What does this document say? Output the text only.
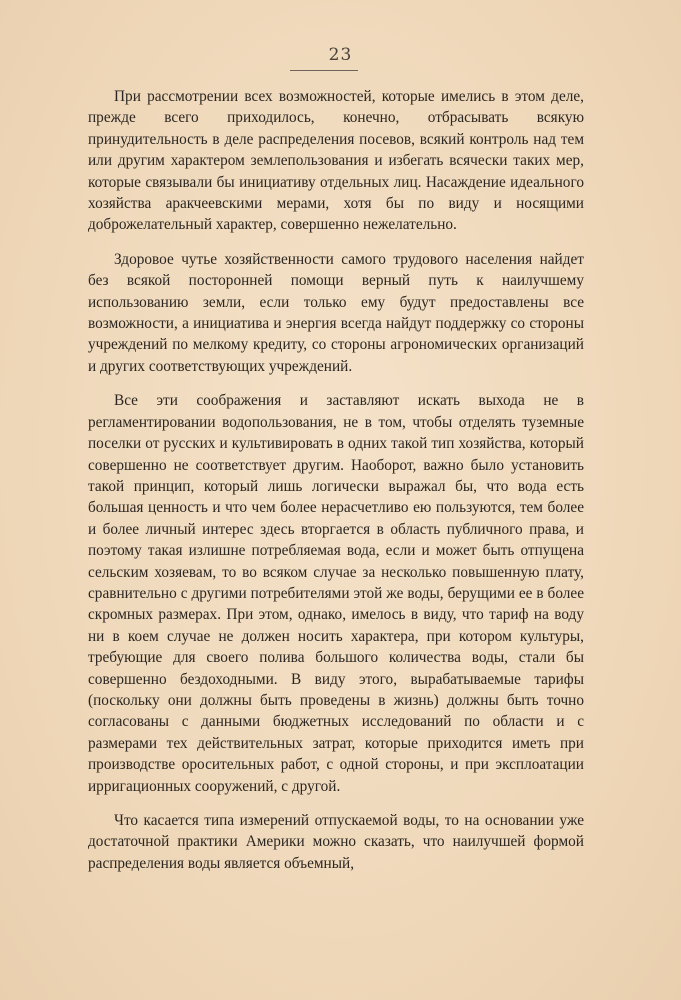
23

При рассмотрении всех возможностей, которые имелись в этом деле, прежде всего приходилось, конечно, отбрасывать всякую принудительность в деле распределения посевов, всякий контроль над тем или другим характером землепользования и избегать всячески таких мер, которые связывали бы инициативу отдельных лиц. Насаждение идеального хозяйства аракчеевскими мерами, хотя бы по виду и носящими доброжелательный характер, совершенно нежелательно.

Здоровое чутье хозяйственности самого трудового населения найдет без всякой посторонней помощи верный путь к наилучшему использованию земли, если только ему будут предоставлены все возможности, а инициатива и энергия всегда найдут поддержку со стороны учреждений по мелкому кредиту, со стороны агрономических организаций и других соответствующих учреждений.

Все эти соображения и заставляют искать выхода не в регламентировании водопользования, не в том, чтобы отделять туземные поселки от русских и культивировать в одних такой тип хозяйства, который совершенно не соответствует другим. Наоборот, важно было установить такой принцип, который лишь логически выражал бы, что вода есть большая ценность и что чем более нерасчетливо ею пользуются, тем более и более личный интерес здесь вторгается в область публичного права, и поэтому такая излишне потребляемая вода, если и может быть отпущена сельским хозяевам, то во всяком случае за несколько повышенную плату, сравнительно с другими потребителями этой же воды, берущими ее в более скромных размерах. При этом, однако, имелось в виду, что тариф на воду ни в коем случае не должен носить характера, при котором культуры, требующие для своего полива большого количества воды, стали бы совершенно бездоходными. В виду этого, вырабатываемые тарифы (поскольку они должны быть проведены в жизнь) должны быть точно согласованы с данными бюджетных исследований по области и с размерами тех действительных затрат, которые приходится иметь при производстве оросительных работ, с одной стороны, и при эксплоатации ирригационных сооружений, с другой.

Что касается типа измерений отпускаемой воды, то на основании уже достаточной практики Америки можно сказать, что наилучшей формой распределения воды является объемный,
